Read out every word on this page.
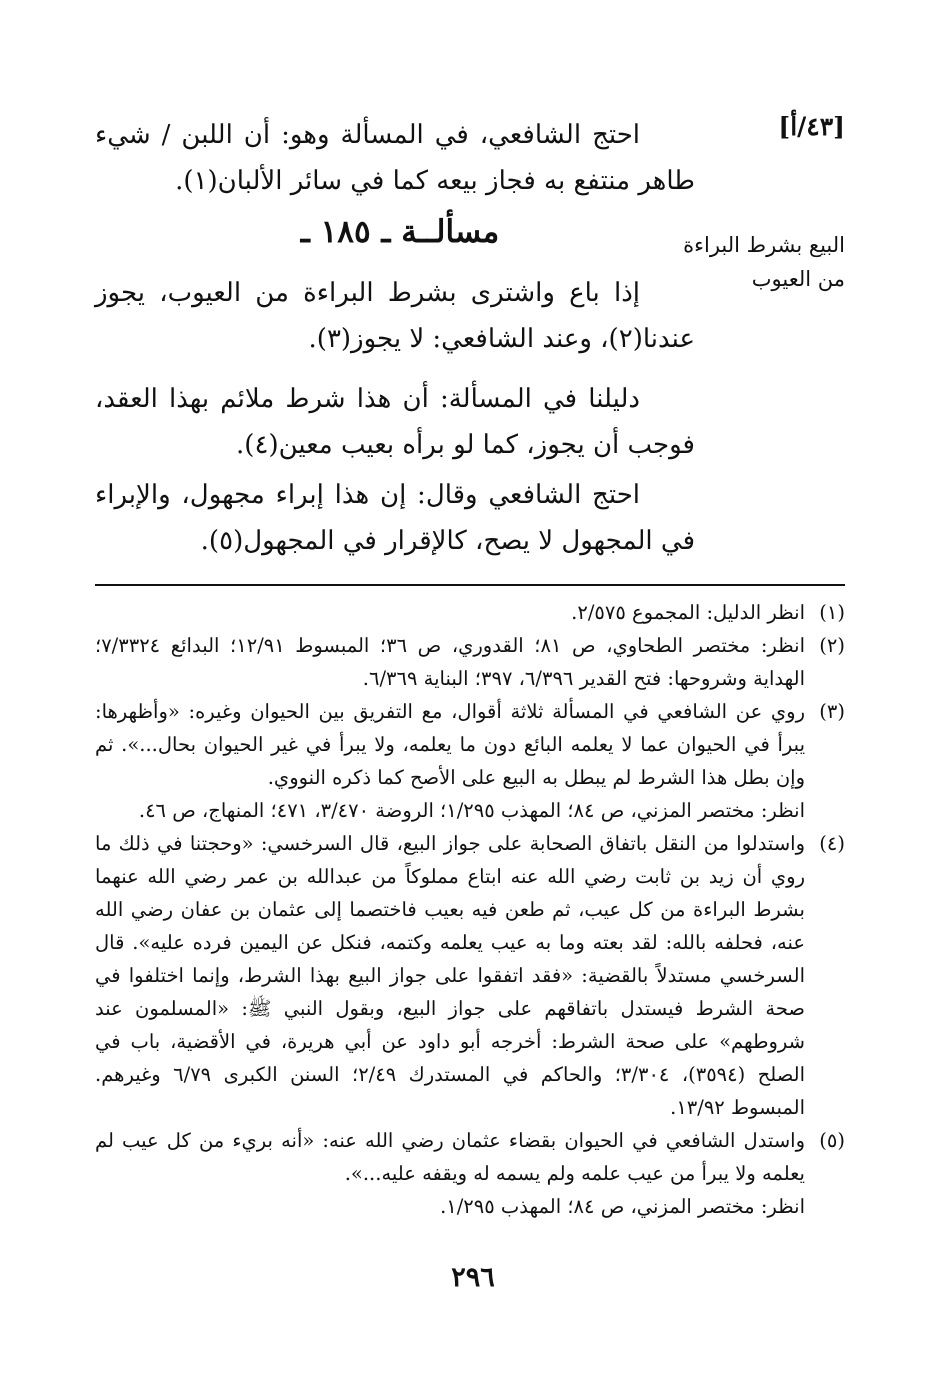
[٤٣/أ]

احتج الشافعي، في المسألة وهو: أن اللبن / شيء طاهر منتفع به فجاز بيعه كما في سائر الألبان(١).

البيع بشرط البراءة من العيوب
مسألــة ـ ١٨٥ ـ

إذا باع واشترى بشرط البراءة من العيوب، يجوز عندنا(٢)، وعند الشافعي: لا يجوز(٣).

دليلنا في المسألة: أن هذا شرط ملائم بهذا العقد، فوجب أن يجوز، كما لو برأه بعيب معين(٤).

احتج الشافعي وقال: إن هذا إبراء مجهول، والإبراء في المجهول لا يصح، كالإقرار في المجهول(٥).

(١)
انظر الدليل: المجموع ٢/٥٧٥.
(٢)
انظر: مختصر الطحاوي، ص ٨١؛ القدوري، ص ٣٦؛ المبسوط ١٢/٩١؛ البدائع ٧/٣٣٢٤؛ الهداية وشروحها: فتح القدير ٦/٣٩٦، ٣٩٧؛ البناية ٦/٣٦٩.
(٣)
روي عن الشافعي في المسألة ثلاثة أقوال، مع التفريق بين الحيوان وغيره: «وأظهرها: يبرأ في الحيوان عما لا يعلمه البائع دون ما يعلمه، ولا يبرأ في غير الحيوان بحال...». ثم وإن بطل هذا الشرط لم يبطل به البيع على الأصح كما ذكره النووي.
انظر: مختصر المزني، ص ٨٤؛ المهذب ١/٢٩٥؛ الروضة ٣/٤٧٠، ٤٧١؛ المنهاج، ص ٤٦.
(٤)
واستدلوا من النقل باتفاق الصحابة على جواز البيع، قال السرخسي: «وحجتنا في ذلك ما روي أن زيد بن ثابت رضي الله عنه ابتاع مملوكاً من عبدالله بن عمر رضي الله عنهما بشرط البراءة من كل عيب، ثم طعن فيه بعيب فاختصما إلى عثمان بن عفان رضي الله عنه، فحلفه بالله: لقد بعته وما به عيب يعلمه وكتمه، فنكل عن اليمين فرده عليه». قال السرخسي مستدلاً بالقضية: «فقد اتفقوا على جواز البيع بهذا الشرط، وإنما اختلفوا في صحة الشرط فيستدل باتفاقهم على جواز البيع، وبقول النبي ﷺ: «المسلمون عند شروطهم» على صحة الشرط: أخرجه أبو داود عن أبي هريرة، في الأقضية، باب في الصلح (٣٥٩٤)، ٣/٣٠٤؛ والحاكم في المستدرك ٢/٤٩؛ السنن الكبرى ٦/٧٩ وغيرهم. المبسوط ١٣/٩٢.
(٥)
واستدل الشافعي في الحيوان بقضاء عثمان رضي الله عنه: «أنه بريء من كل عيب لم يعلمه ولا يبرأ من عيب علمه ولم يسمه له ويقفه عليه...».
انظر: مختصر المزني، ص ٨٤؛ المهذب ١/٢٩٥.
٢٩٦
